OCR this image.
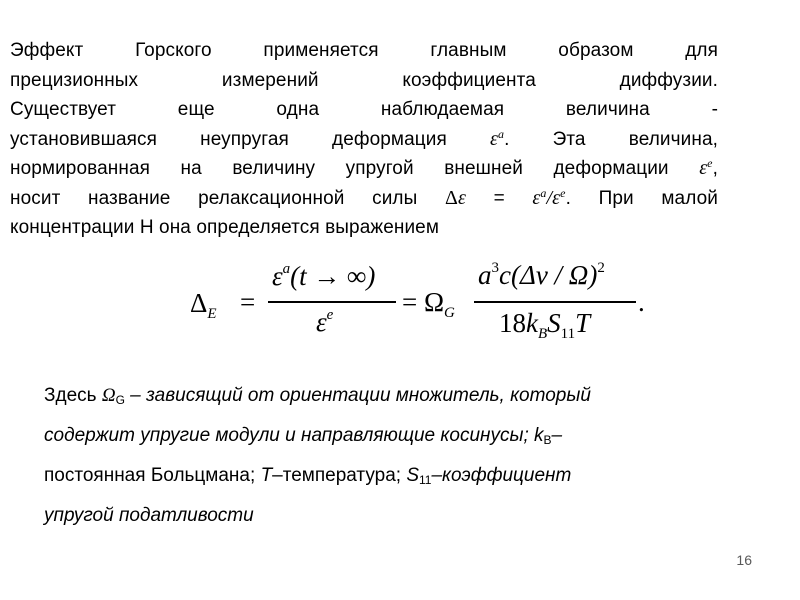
Эффект Горского применяется главным образом для
прецизионных измерений коэффициента диффузии.
Существует еще одна наблюдаемая величина -
установившаяся неупругая деформация $\varepsilon^a$. Эта величина,
нормированная на величину упругой внешней деформации $\varepsilon^e$,
носит название релаксационной силы $\Delta\varepsilon = \varepsilon^a/\varepsilon^e$. При малой
концентрации Н она определяется выражением
$\Delta_E$ =
$\varepsilon^a(t$ → ∞)
$\varepsilon^e$	= $\Omega_G$
$a^3c(\Delta\nu / \Omega)^2$
$18k_BS_{11}T$
.
Здесь ΩG – зависящий от ориентации множитель, который
содержит упругие модули и направляющие косинусы; kB–
постоянная Больцмана; T–температура; S11–коэффициент
упругой податливости
16
